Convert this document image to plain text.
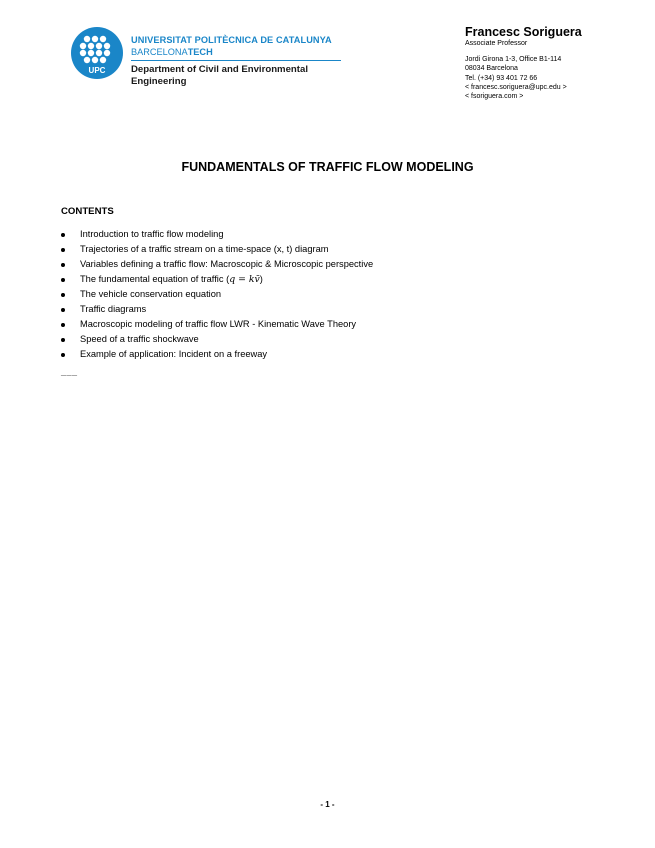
UPC
UNIVERSITAT POLITÈCNICA DE CATALUNYA
BARCELONATECH
Department of Civil and Environmental
Engineering
Francesc Soriguera
Associate Professor
Jordi Girona 1-3, Office B1-114
08034 Barcelona
Tel. (+34) 93 401 72 66
< francesc.soriguera@upc.edu >
< fsoriguera.com >
FUNDAMENTALS OF TRAFFIC FLOW MODELING
CONTENTS
Introduction to traffic flow modeling
Trajectories of a traffic stream on a time-space (x, t) diagram
Variables defining a traffic flow: Macroscopic & Microscopic perspective
The fundamental equation of traffic (q = kv̄)
The vehicle conservation equation
Traffic diagrams
Macroscopic modeling of traffic flow LWR - Kinematic Wave Theory
Speed of a traffic shockwave
Example of application: Incident on a freeway
___
- 1 -
